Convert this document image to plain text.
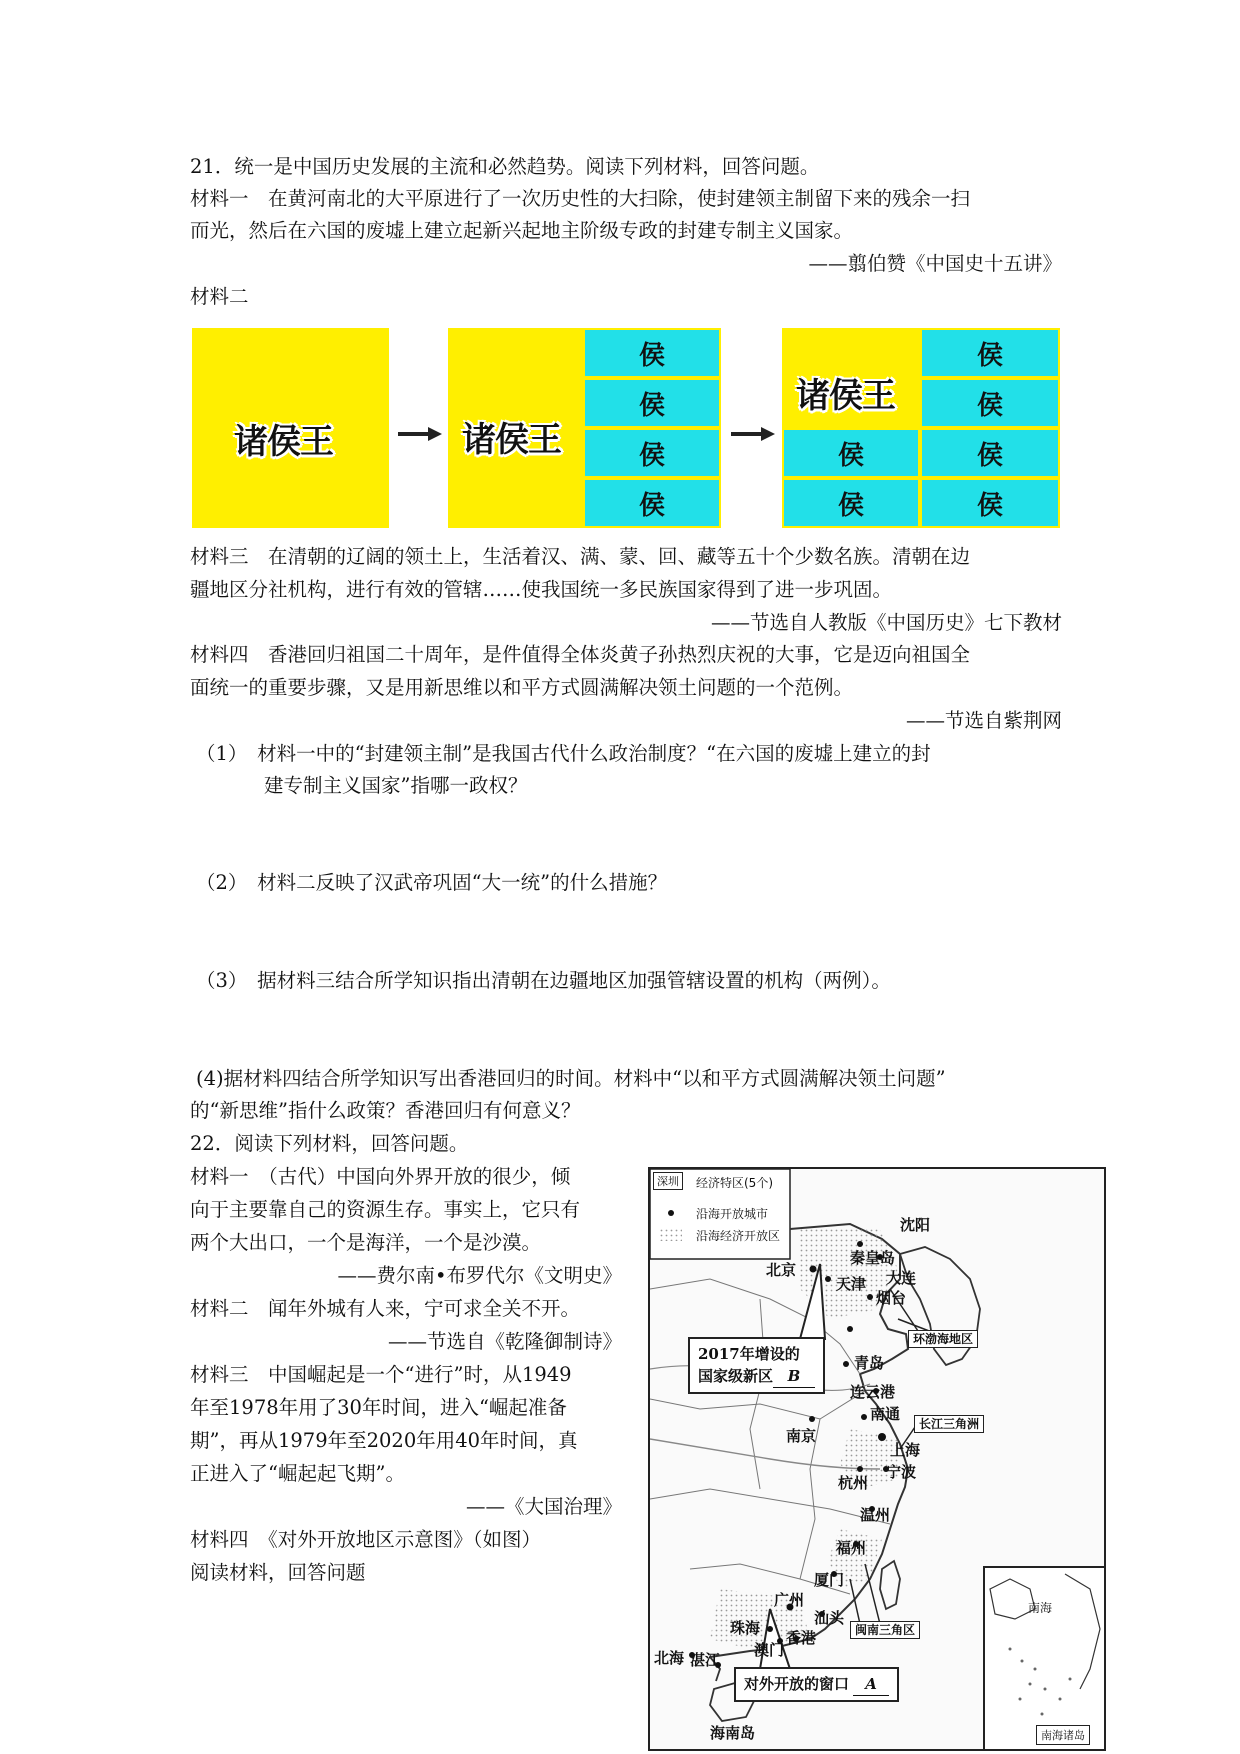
21．统一是中国历史发展的主流和必然趋势。阅读下列材料，回答问题。
材料一　在黄河南北的大平原进行了一次历史性的大扫除，使封建领主制留下来的残余一扫
而光，然后在六国的废墟上建立起新兴起地主阶级专政的封建专制主义国家。
——翦伯赞《中国史十五讲》
材料二
诸侯王	诸侯王
侯
侯
侯
侯
诸侯王
侯
侯
侯	侯
侯	侯
材料三　在清朝的辽阔的领土上，生活着汉、满、蒙、回、藏等五十个少数名族。清朝在边
疆地区分社机构，进行有效的管辖……使我国统一多民族国家得到了进一步巩固。
——节选自人教版《中国历史》七下教材
材料四　香港回归祖国二十周年，是件值得全体炎黄子孙热烈庆祝的大事，它是迈向祖国全
面统一的重要步骤，又是用新思维以和平方式圆满解决领土问题的一个范例。
——节选自紫荆网
（1）　材料一中的“封建领主制”是我国古代什么政治制度？“在六国的废墟上建立的封
建专制主义国家”指哪一政权？
（2）　材料二反映了汉武帝巩固“大一统”的什么措施？
（3）　据材料三结合所学知识指出清朝在边疆地区加强管辖设置的机构（两例）。
(4)据材料四结合所学知识写出香港回归的时间。材料中“以和平方式圆满解决领土问题”
的“新思维”指什么政策？香港回归有何意义？
22．阅读下列材料，回答问题。
材料一　（古代）中国向外界开放的很少，倾
向于主要靠自己的资源生存。事实上，它只有
两个大出口，一个是海洋，一个是沙漠。
——费尔南•布罗代尔《文明史》
材料二　闻年外城有人来，宁可求全关不开。
——节选自《乾隆御制诗》
材料三　中国崛起是一个“进行”时，从1949
年至1978年用了30年时间，进入“崛起准备
期”，再从1979年至2020年用40年时间，真
正进入了“崛起起飞期”。
——《大国治理》
材料四　《对外开放地区示意图》（如图）
阅读材料，回答问题
深圳	经济特区(5个)
沿海开放城市
沿海经济开放区
沈阳
秦皇岛
北京
天津 大连
烟台
环渤海地区
青岛
连云港
南京
南通
长江三角洲
上海
杭州
宁波
温州
福州
厦门
闽南三角区
广州
汕头
珠海
澳门
香港
北海 湛江
海南岛
南海
南海诸岛
2017年增设的
国家级新区 B
对外开放的窗口 A
